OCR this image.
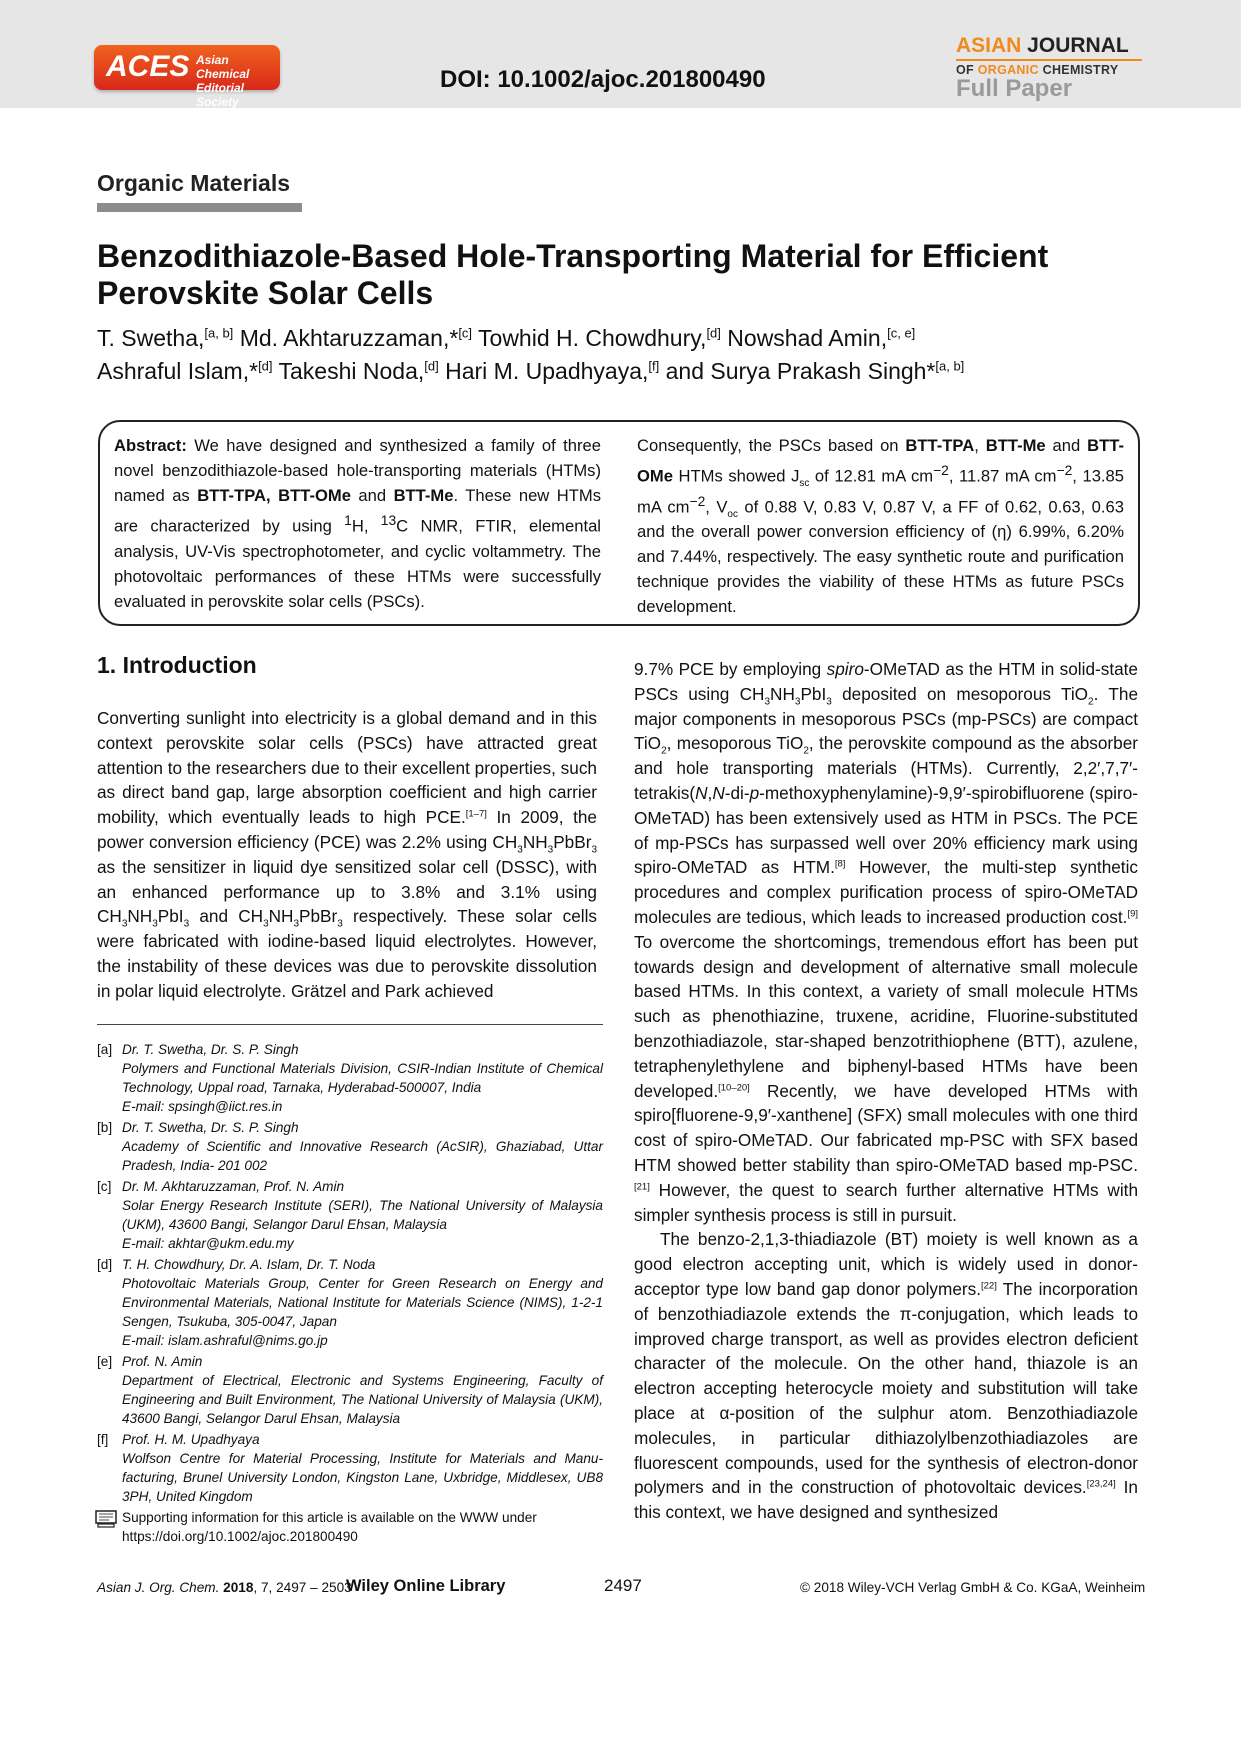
ACES Asian Chemical
Editorial Society
DOI: 10.1002/ajoc.201800490
ASIAN JOURNAL
OF ORGANIC CHEMISTRY
Full Paper
Organic Materials
Benzodithiazole-Based Hole-Transporting Material for Efficient Perovskite Solar Cells
T. Swetha,[a, b] Md. Akhtaruzzaman,*[c] Towhid H. Chowdhury,[d] Nowshad Amin,[c, e]
Ashraful Islam,*[d] Takeshi Noda,[d] Hari M. Upadhyaya,[f] and Surya Prakash Singh*[a, b]
Abstract: We have designed and synthesized a family of three novel benzodithiazole-based hole-transporting materials (HTMs) named as BTT-TPA, BTT-OMe and BTT-Me. These new HTMs are characterized by using $^1$H, $^{13}$C NMR, FTIR, elemental analysis, UV-Vis spectrophotometer, and cyclic voltammetry. The photovoltaic performances of these HTMs were successfully evaluated in perovskite solar cells (PSCs).
Consequently, the PSCs based on BTT-TPA, BTT-Me and BTT-OMe HTMs showed $J_{sc}$ of 12.81 mA $cm^{-2}$, 11.87 mA $cm^{-2}$, 13.85 mA $cm^{-2}$, $V_{oc}$ of 0.88 V, 0.83 V, 0.87 V, a FF of 0.62, 0.63, 0.63 and the overall power conversion efficiency of (η) 6.99%, 6.20% and 7.44%, respectively. The easy synthetic route and purification technique provides the viability of these HTMs as future PSCs development.
1. Introduction

Converting sunlight into electricity is a global demand and in this context perovskite solar cells (PSCs) have attracted great attention to the researchers due to their excellent properties, such as direct band gap, large absorption coefficient and high carrier mobility, which eventually leads to high PCE.[1–7] In 2009, the power conversion efficiency (PCE) was 2.2% using $CH_3NH_3PbBr_3$ as the sensitizer in liquid dye sensitized solar cell (DSSC), with an enhanced performance up to 3.8% and 3.1% using $CH_3NH_3PbI_3$ and $CH_3NH_3PbBr_3$ respectively. These solar cells were fabricated with iodine-based liquid electrolytes. However, the instability of these devices was due to perovskite dissolution in polar liquid electrolyte. Grätzel and Park achieved

9.7% PCE by employing spiro-OMeTAD as the HTM in solid-state PSCs using $CH_3NH_3PbI_3$ deposited on mesoporous TiO$_2$. The major components in mesoporous PSCs (mp-PSCs) are compact TiO$_2$, mesoporous TiO$_2$, the perovskite compound as the absorber and hole transporting materials (HTMs). Currently, 2,2′,7,7′-tetrakis(N,N-di-p-methoxyphenylamine)-9,9′-spirobifluorene (spiro-OMeTAD) has been extensively used as HTM in PSCs. The PCE of mp-PSCs has surpassed well over 20% efficiency mark using spiro-OMeTAD as HTM.[8] However, the multi-step synthetic procedures and complex purification process of spiro-OMeTAD molecules are tedious, which leads to increased production cost.[9] To overcome the shortcomings, tremendous effort has been put towards design and development of alternative small molecule based HTMs. In this context, a variety of small molecule HTMs such as phenothiazine, truxene, acridine, Fluorine-substituted benzothiadiazole, star-shaped benzotrithiophene (BTT), azulene, tetraphenylethylene and biphenyl-based HTMs have been developed.[10–20] Recently, we have developed HTMs with spiro[fluorene-9,9′-xanthene] (SFX) small molecules with one third cost of spiro-OMeTAD. Our fabricated mp-PSC with SFX based HTM showed better stability than spiro-OMeTAD based mp-PSC.[21] However, the quest to search further alternative HTMs with simpler synthesis process is still in pursuit.

The benzo-2,1,3-thiadiazole (BT) moiety is well known as a good electron accepting unit, which is widely used in donor-acceptor type low band gap donor polymers.[22] The incorporation of benzothiadiazole extends the π-conjugation, which leads to improved charge transport, as well as provides electron deficient character of the molecule. On the other hand, thiazole is an electron accepting heterocycle moiety and substitution will take place at α-position of the sulphur atom. Benzothiadiazole molecules, in particular dithiazolylbenzothiadiazoles are fluorescent compounds, used for the synthesis of electron-donor polymers and in the construction of photovoltaic devices.[23,24] In this context, we have designed and synthesized

[a] Dr. T. Swetha, Dr. S. P. Singh
Polymers and Functional Materials Division, CSIR-Indian Institute of Chemical Technology, Uppal road, Tarnaka, Hyderabad-500007, India
E-mail: spsingh@iict.res.in
[b] Dr. T. Swetha, Dr. S. P. Singh
Academy of Scientific and Innovative Research (AcSIR), Ghaziabad, Uttar Pradesh, India- 201 002
[c] Dr. M. Akhtaruzzaman, Prof. N. Amin
Solar Energy Research Institute (SERI), The National University of Malaysia (UKM), 43600 Bangi, Selangor Darul Ehsan, Malaysia
E-mail: akhtar@ukm.edu.my
[d] T. H. Chowdhury, Dr. A. Islam, Dr. T. Noda
Photovoltaic Materials Group, Center for Green Research on Energy and Environmental Materials, National Institute for Materials Science (NIMS), 1-2-1 Sengen, Tsukuba, 305-0047, Japan
E-mail: islam.ashraful@nims.go.jp
[e] Prof. N. Amin
Department of Electrical, Electronic and Systems Engineering, Faculty of Engineering and Built Environment, The National University of Malaysia (UKM), 43600 Bangi, Selangor Darul Ehsan, Malaysia
[f] Prof. H. M. Upadhyaya
Wolfson Centre for Material Processing, Institute for Materials and Manufacturing, Brunel University London, Kingston Lane, Uxbridge, Middlesex, UB8 3PH, United Kingdom
Supporting information for this article is available on the WWW under https://doi.org/10.1002/ajoc.201800490
Asian J. Org. Chem. 2018, 7, 2497 – 2503
Wiley Online Library	2497	© 2018 Wiley-VCH Verlag GmbH & Co. KGaA, Weinheim
